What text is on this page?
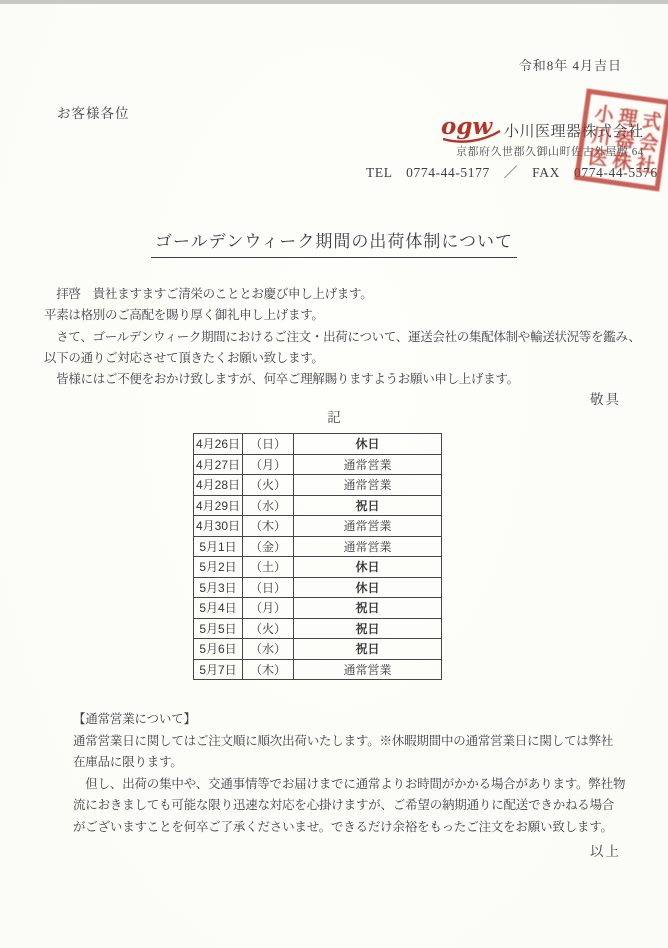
令和8年 4月吉日
お客様各位	ogw 小川医理器株式会社
京都府久世郡久御山町佐古外屋敷 64
TEL　0774-44-5177　／　FAX　0774-44-5576
小川医
理器株
式会社
ゴールデンウィーク期間の出荷体制について
　拝啓　貴社ますますご清栄のこととお慶び申し上げます。
平素は格別のご高配を賜り厚く御礼申し上げます。
　さて、ゴールデンウィーク期間におけるご注文・出荷について、運送会社の集配体制や輸送状況等を鑑み、
以下の通りご対応させて頂きたくお願い致します。
　皆様にはご不便をおかけ致しますが、何卒ご理解賜りますようお願い申し上げます。
敬具
記
4月26日	（日）	休日
4月27日	（月）	通常営業
4月28日	（火）	通常営業
4月29日	（水）	祝日
4月30日	（木）	通常営業
5月1日	（金）	通常営業
5月2日	（土）	休日
5月3日	（日）	休日
5月4日	（月）	祝日
5月5日	（火）	祝日
5月6日	（水）	祝日
5月7日	（木）	通常営業
【通常営業について】
通常営業日に関してはご注文順に順次出荷いたします。※休暇期間中の通常営業日に関しては弊社
在庫品に限ります。
　但し、出荷の集中や、交通事情等でお届けまでに通常よりお時間がかかる場合があります。弊社物
流におきましても可能な限り迅速な対応を心掛けますが、ご希望の納期通りに配送できかねる場合
がございますことを何卒ご了承くださいませ。できるだけ余裕をもったご注文をお願い致します。
以上
